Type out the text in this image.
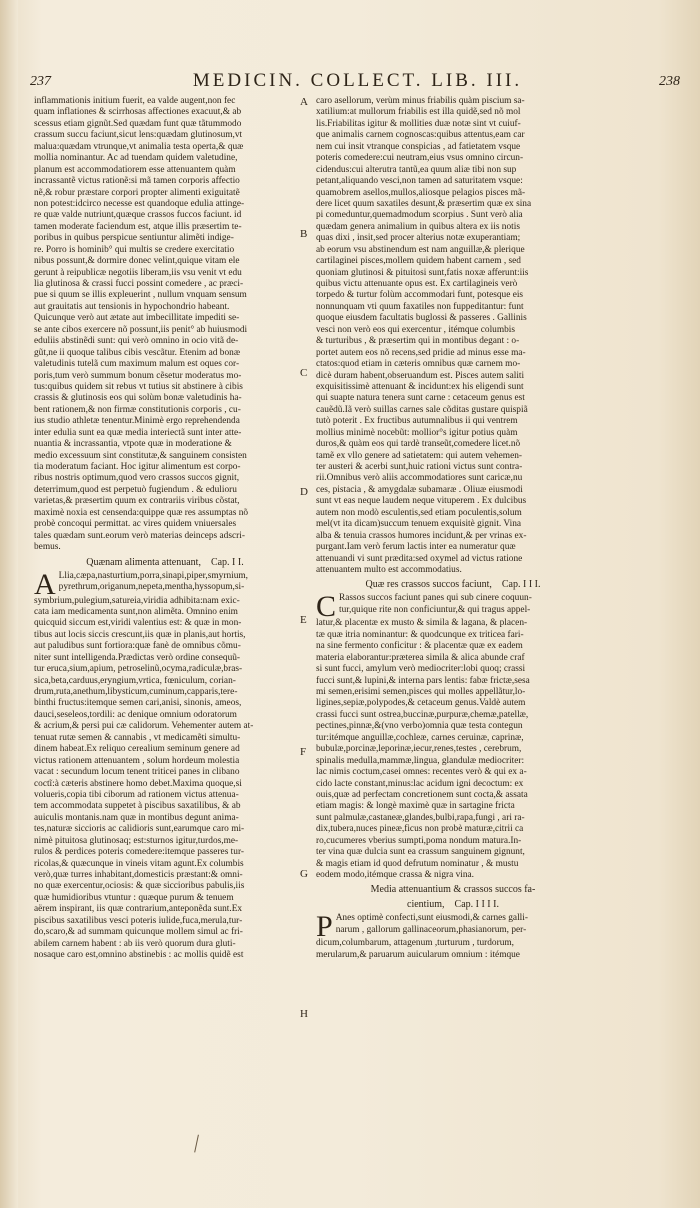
237	MEDICIN. COLLECT. LIB. III.	238
inflammationis initium fuerit, ea valde augent,non fec
quam inflationes & scirrhosas affectiones exacuut,& ab
scessus etiam gignũt.Sed quædam funt quæ tãtummodo
crassum succu faciunt,sicut lens:quædam glutinosum,vt
malua:quædam vtrunque,vt animalia testa operta,& quæ
mollia nominantur. Ac ad tuendam quidem valetudine,
planum est accommodatiorem esse attenuantem quàm
incrassantẽ victus rationẽ:si mã tamen corporis affectio
nẽ,& robur præstare corpori propter alimenti exiguitatẽ
non potest:idcirco necesse est quandoque edulia attinge-
re quæ valde nutriunt,quæque crassos fuccos faciunt. id
tamen moderate faciendum est, atque illis præsertim te-
poribus in quibus perspicue sentiuntur alimẽti indige-
re. Porro is hominib° qui multis se credere exercitatio
nibus possunt,& dormire donec velint,quique vitam ele
gerunt à reipublicæ negotiis liberam,iis vsu venit vt edu
lia glutinosa & crassi fucci possint comedere , ac præci-
pue si quum se illis expleuerint , nullum vnquam sensum
aut grauitatis aut tensionis in hypochondrio habeant.
Quicunque verò aut ætate aut imbecillitate impediti se-
se ante cibos exercere nõ possunt,iis penit° ab huiusmodi
eduliis abstinẽdi sunt: qui verò omnino in ocio vitã de-
gũt,ne ii quoque talibus cibis vescãtur. Etenim ad bonæ
valetudinis tutelã cum maximum malum est oques cor-
poris,tum verò summum bonum cẽsetur moderatus mo-
tus:quibus quidem sit rebus vt tutius sit abstinere à cibis
crassis & glutinosis eos qui solùm bonæ valetudinis ha-
bent rationem,& non firmæ constitutionis corporis , cu-
ius studio athletæ tenentur.Minimè ergo reprehendenda
inter edulia sunt ea quæ media interiectã sunt inter atte-
nuantia & incrassantia, vtpote quæ in moderatione &
medio excessuum sint constitutæ,& sanguinem consisten
tia moderatum faciant. Hoc igitur alimentum est corpo-
ribus nostris optimum,quod vero crassos succos gignit,
deterrimum,quod est perpetuò fugiendum . & edulioru
varietas,& præsertim quum ex contrariis viribus cõstat,
maximè noxia est censenda:quippe quæ res assumptas nõ
probè concoqui permittat. ac vires quidem vniuersales
tales quædam sunt.eorum verò materias deinceps adscri-
bemus.
Quænam alimenta attenuant, Cap. I I.
A Llia,cæpa,nasturtium,porra,sinapi,piper,smyrnium,
pyrethrum,origanum,nepeta,mentha,hyssopum,si-
symbrium,pulegium,satureia,viridia adhibita:nam exic-
cata iam medicamenta sunt,non alimẽta. Omnino enim
quicquid siccum est,viridi valentius est: & quæ in mon-
tibus aut locis siccis crescunt,iis quæ in planis,aut hortis,
aut paludibus sunt fortiora:quæ fanè de omnibus cõmu-
niter sunt intelligenda.Prædictas verò ordine consequũ-
tur eruca,sium,apium, petroselinũ,ocyma,radiculæ,bras-
sica,beta,carduus,eryngium,vrtica, fœniculum, corian-
drum,ruta,anethum,libysticum,cuminum,capparis,tere-
binthi fructus:itemque semen cari,anisi, sinonis, ameos,
dauci,seseleos,tordili: ac denique omnium odoratorum
& acrium,& persi pui cæ calidorum. Vehementer autem at-
tenuat rutæ semen & cannabis , vt medicamẽti simultu-
dinem habeat.Ex reliquo cerealium seminum genere ad
victus rationem attenuantem , solum hordeum molestia
vacat : secundum locum tenent triticei panes in clibano
coctĩ:à cæteris abstinere homo debet.Maxima quoque,si
volueris,copia tibi ciborum ad rationem victus attenua-
tem accommodata suppetet à piscibus saxatilibus, & ab
auiculis montanis.nam quæ in montibus degunt anima-
tes,naturæ siccioris ac calidioris sunt,earumque caro mi-
nimè pituitosa glutinosaq; est:sturnos igitur,turdos,me-
rulos & perdices poteris comedere:itemque passeres tur-
ricolas,& quæcunque in vineis vitam agunt.Ex columbis
verò,quæ turres inhabitant,domesticis præstant:& omni-
no quæ exercentur,ociosis: & quæ siccioribus pabulis,iis
quæ humidioribus vtuntur : quæque purum & tenuem
aërem inspirant, iis quæ contrarium,anteponẽda sunt.Ex
piscibus saxatilibus vesci poteris iulide,fuca,merula,tur-
do,scaro,& ad summam quicunque mollem simul ac fri-
abilem carnem habent : ab iis verò quorum dura gluti-
nosaque caro est,omnino abstinebis : ac mollis quidẽ est
caro asellorum, verùm minus friabilis quàm piscium sa-
xatilium:at mullorum friabilis est illa quidẽ,sed nõ mol
lis.Friabilitas igitur & mollities duæ notæ sint vt cuiuf-
que animalis carnem cognoscas:quibus attentus,eam car
nem cui insit vtranque conspicias , ad fatietatem vsque
poteris comedere:cui neutram,eius vsus omnino circun-
cidendus:cui alterutra tantũ,ea quum aliæ tibi non sup
petant,aliquando vesci,non tamen ad saturitatem vsque:
quamobrem asellos,mullos,aliosque pelagios pisces mã-
dere licet quum saxatiles desunt,& præsertim quæ ex sina
pi comeduntur,quemadmodum scorpius . Sunt verò alia
quædam genera animalium in quibus altera ex iis notis
quas dixi , insit,sed procer alterius notæ exuperantiam;
ab eorum vsu abstinendum est nam anguillæ,& plerique
cartilaginei pisces,mollem quidem habent carnem , sed
quoniam glutinosi & pituitosi sunt,fatis noxæ afferunt:iis
quibus victu attenuante opus est. Ex cartilagineis verò
torpedo & turtur folùm accommodari funt, potesque eis
nonnunquam vti quum faxatiles non fuppeditantur: funt
quoque eiusdem facultatis buglossi & passeres . Gallinis
vesci non verò eos qui exercentur , itémque columbis
& turturibus , & præsertim qui in montibus degant : o-
portet autem eos nõ recens,sed pridie ad minus esse ma-
ctatos:quod etiam in cæteris omnibus quæ carnem mo-
dicè duram habent,obseruandum est. Pisces autem saliti
exquisitissimè attenuant & incidunt:ex his eligendi sunt
qui suapte natura tenera sunt carne : cetaceum genus est
cauẽdũ.Iã verò suillas carnes sale cõditas gustare quispiã
tutò poterit . Ex fructibus autumnalibus ii qui ventrem
mollius minimè nocebũt: mollior°s igitur potius quàm
duros,& quàm eos qui tardè transeũt,comedere licet.nõ
tamẽ ex vllo genere ad satietatem: qui autem vehemen-
ter austeri & acerbi sunt,huic rationi victus sunt contra-
rii.Omnibus verò aliis accommodatiores sunt caricæ,nu
ces, pistacia , & amygdalæ subamaræ . Oliuæ eiusmodi
sunt vt eas neque laudem neque vituperem . Ex dulcibus
autem non modò esculentis,sed etiam poculentis,solum
mel(vt ita dicam)succum tenuem exquisitè gignit. Vina
alba & tenuia crassos humores incidunt,& per vrinas ex-
purgant.Iam verò ferum lactis inter ea numeratur quæ
attenuandi vi sunt prædita:sed oxymel ad victus ratione
attenuantem multo est accommodatius.
Quæ res crassos succos faciunt, Cap. I I I.
C Rassos succos faciunt panes qui sub cinere coquun-
tur,quique rite non conficiuntur,& qui tragus appel-
latur,& placentæ ex musto & simila & lagana, & placen-
tæ quæ itria nominantur: & quodcunque ex triticea fari-
na sine fermento conficitur : & placentæ quæ ex eadem
materia elaborantur:præterea simila & alica abunde craf
si sunt fucci, amylum verò mediocriter:lobi quoq; crassi
fucci sunt,& lupini,& interna pars lentis: fabæ frictæ,sesa
mi semen,erisimi semen,pisces qui molles appellãtur,lo-
ligines,sepiæ,polypodes,& cetaceum genus.Valdè autem
crassi fucci sunt ostrea,buccinæ,purpuræ,chemæ,patellæ,
pectines,pinnæ,&(vno verbo)omnia quæ testa contegun
tur:itémque anguillæ,cochleæ, carnes ceruinæ, caprinæ,
bubulæ,porcinæ,leporinæ,iecur,renes,testes , cerebrum,
spinalis medulla,mammæ,lingua, glandulæ mediocriter:
lac nimis coctum,casei omnes: recentes verò & qui ex a-
cido lacte constant,minus:lac acidum igni decoctum: ex
ouis,quæ ad perfectam concretionem sunt cocta,& assata
etiam magis: & longè maximè quæ in sartagine fricta
sunt palmulæ,castaneæ,glandes,bulbi,rapa,fungi , ari ra-
dix,tubera,nuces pineæ,ficus non probè maturæ,citrii ca
ro,cucumeres vberius sumpti,poma nondum matura.In-
ter vina quæ dulcia sunt ea crassum sanguinem gignunt,
& magis etiam id quod defrutum nominatur , & mustu
eodem modo,itémque crassa & nigra vina.
Media attenuantium & crassos succos fa-
cientium, Cap. I I I I.
P Anes optimè confecti,sunt eiusmodi,& carnes galli-
narum , gallorum gallinaceorum,phasianorum, per-
dicum,columbarum, attagenum ,turturum , turdorum,
merularum,& paruarum auicularum omnium : itémque
A
B
C
D
E
F
G
H
